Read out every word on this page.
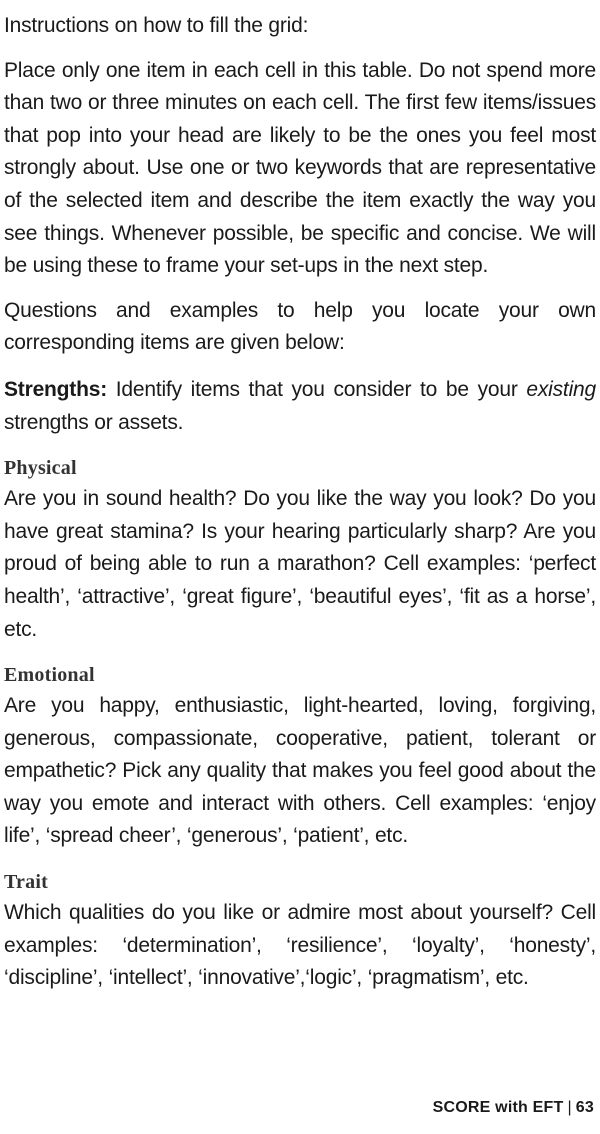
Instructions on how to fill the grid:

Place only one item in each cell in this table. Do not spend more than two or three minutes on each cell. The first few items/issues that pop into your head are likely to be the ones you feel most strongly about. Use one or two keywords that are representative of the selected item and describe the item exactly the way you see things. Whenever possible, be specific and concise. We will be using these to frame your set-ups in the next step.

Questions and examples to help you locate your own corresponding items are given below:

Strengths: Identify items that you consider to be your existing strengths or assets.

Physical

Are you in sound health? Do you like the way you look? Do you have great stamina? Is your hearing particularly sharp? Are you proud of being able to run a marathon? Cell examples: ‘perfect health’, ‘attractive’, ‘great figure’, ‘beautiful eyes’, ‘fit as a horse’, etc.

Emotional

Are you happy, enthusiastic, light-hearted, loving, forgiving, generous, compassionate, cooperative, patient, tolerant or empathetic? Pick any quality that makes you feel good about the way you emote and interact with others. Cell examples: ‘enjoy life’, ‘spread cheer’, ‘generous’, ‘patient’, etc.

Trait

Which qualities do you like or admire most about yourself? Cell examples: ‘determination’, ‘resilience’, ‘loyalty’, ‘honesty’, ‘discipline’, ‘intellect’, ‘innovative’,‘logic’, ‘pragmatism’, etc.

SCORE with EFT | 63
